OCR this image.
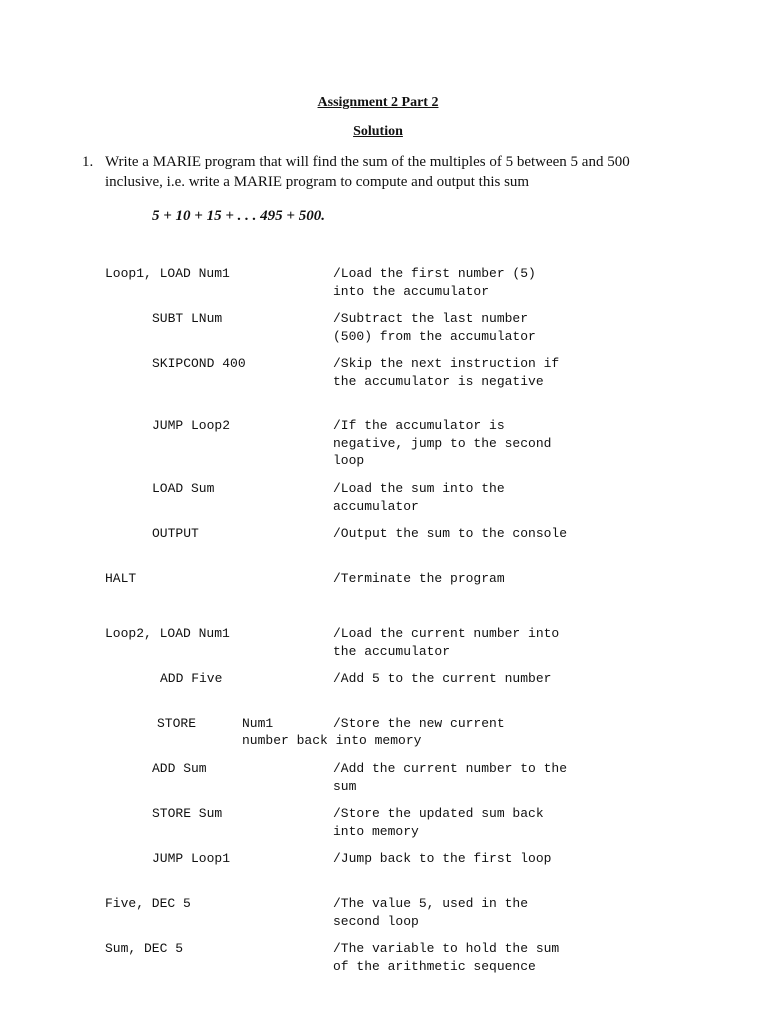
Assignment 2 Part 2
Solution
1. Write a MARIE program that will find the sum of the multiples of 5 between 5 and 500 inclusive, i.e. write a MARIE program to compute and output this sum
5 + 10 + 15 + . . . 495 + 500.
Loop1, LOAD Num1	/Load the first number (5) into the accumulator
SUBT LNum	/Subtract the last number (500) from the accumulator
SKIPCOND 400	/Skip the next instruction if the accumulator is negative
JUMP Loop2	/If the accumulator is negative, jump to the second loop
LOAD Sum	/Load the sum into the accumulator
OUTPUT	/Output the sum to the console
HALT	/Terminate the program
Loop2, LOAD Num1	/Load the current number into the accumulator
ADD Five	/Add 5 to the current number
STORE	Num1	/Store the new current
number back into memory
ADD Sum	/Add the current number to the sum
STORE Sum	/Store the updated sum back into memory
JUMP Loop1	/Jump back to the first loop
Five, DEC 5	/The value 5, used in the second loop
Sum, DEC 5	/The variable to hold the sum of the arithmetic sequence
